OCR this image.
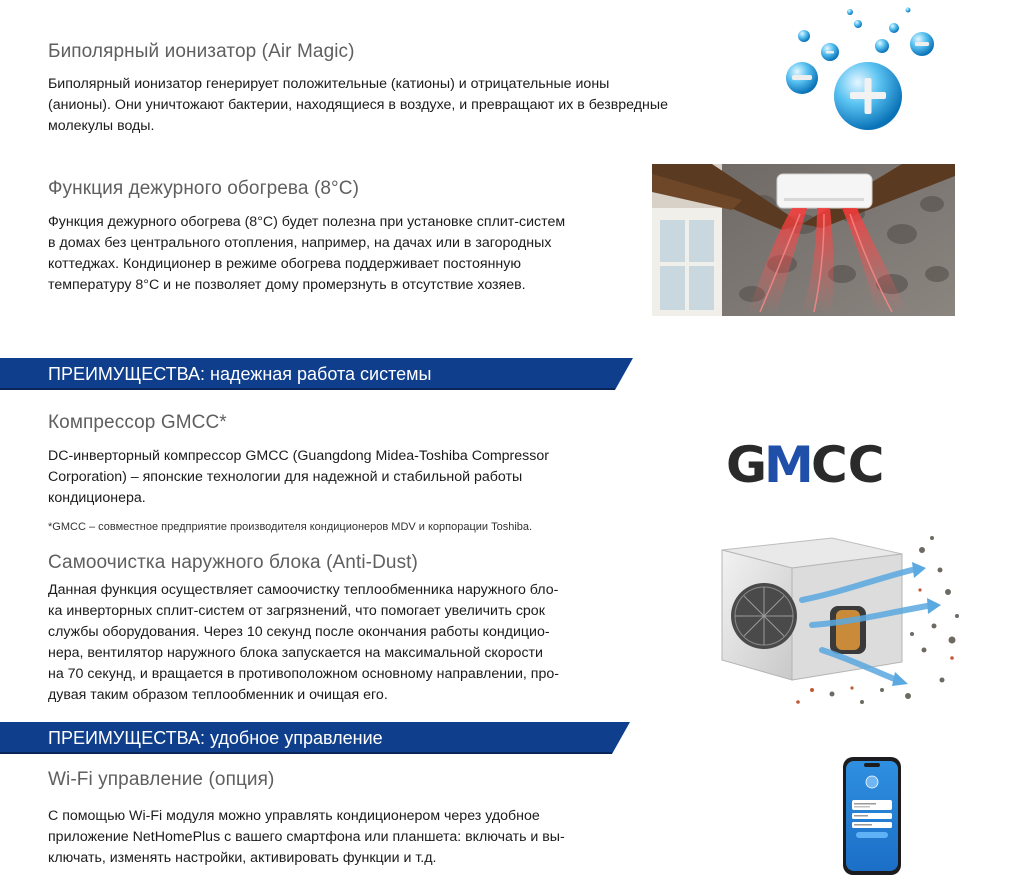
Биполярный ионизатор (Air Magic)
Биполярный ионизатор генерирует положительные (катионы) и отрицательные ионы
(анионы). Они уничтожают бактерии, находящиеся в воздухе, и превращают их в безвредные
молекулы воды.
Функция дежурного обогрева (8°C)
Функция дежурного обогрева (8°C) будет полезна при установке сплит-систем
в домах без центрального отопления, например, на дачах или в загородных
коттеджах. Кондиционер в режиме обогрева поддерживает постоянную
температуру 8°C и не позволяет дому промерзнуть в отсутствие хозяев.
ПРЕИМУЩЕСТВА: надежная работа системы
Компрессор GMCC*
DC-инверторный компрессор GMCC (Guangdong Midea-Toshiba Compressor
Corporation) – японские технологии для надежной и стабильной работы
кондиционера.
*GMCC – совместное предприятие производителя кондиционеров MDV и корпорации Toshiba.
G
M
CC
Самоочистка наружного блока (Anti-Dust)
Данная функция осуществляет самоочистку теплообменника наружного бло-
ка инверторных сплит-систем от загрязнений, что помогает увеличить срок
службы оборудования. Через 10 секунд после окончания работы кондицио-
нера, вентилятор наружного блока запускается на максимальной скорости
на 70 секунд, и вращается в противоположном основному направлении, про-
дувая таким образом теплообменник и очищая его.
ПРЕИМУЩЕСТВА: удобное управление
Wi-Fi управление (опция)
С помощью Wi-Fi модуля можно управлять кондиционером через удобное
приложение NetHomePlus с вашего смартфона или планшета: включать и вы-
ключать, изменять настройки, активировать функции и т.д.
